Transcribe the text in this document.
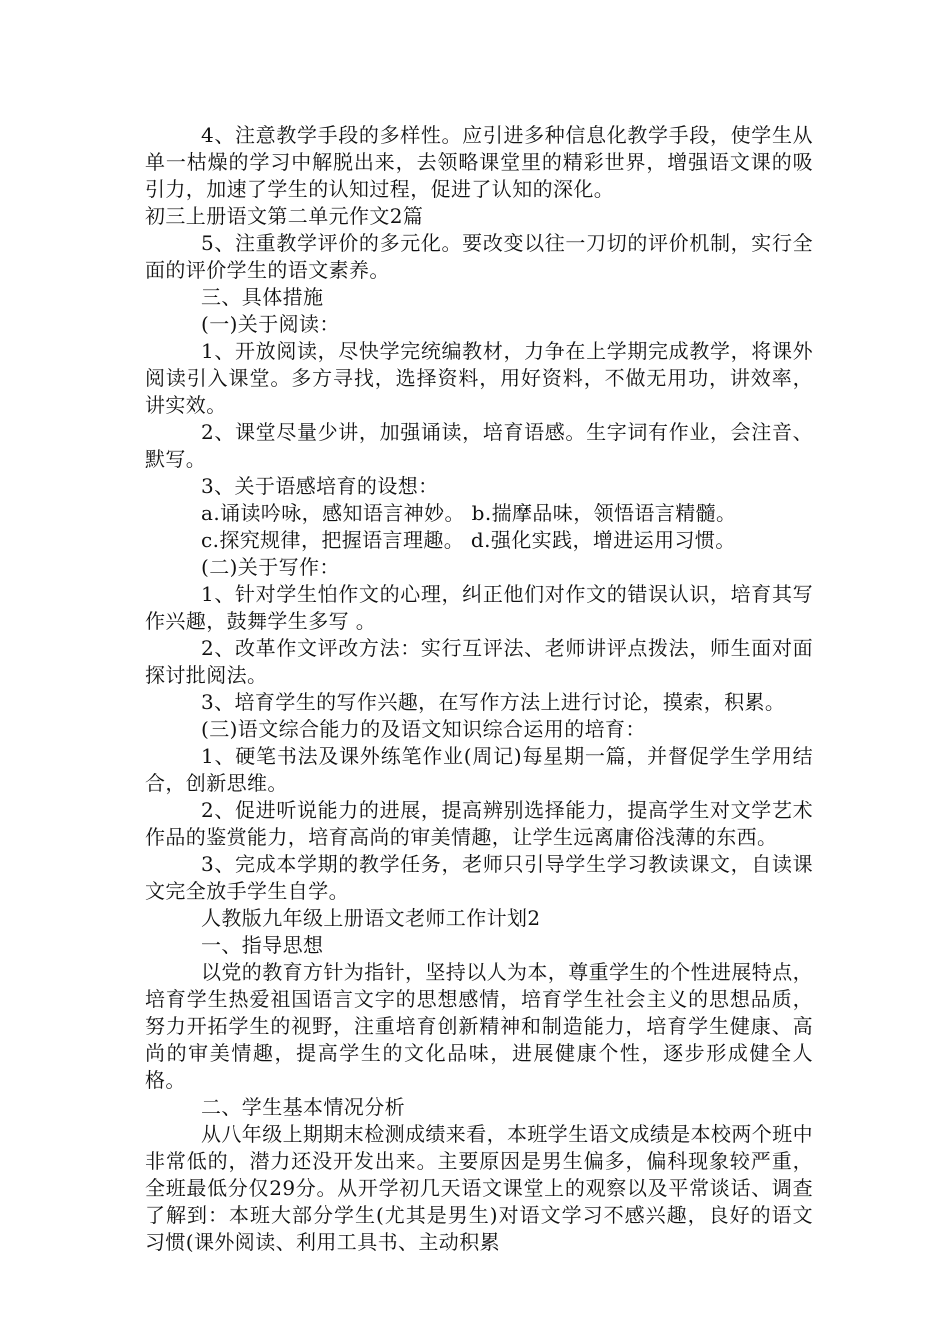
4、注意教学手段的多样性。应引进多种信息化教学手段，使学生从单一枯燥的学习中解脱出来，去领略课堂里的精彩世界，增强语文课的吸引力，加速了学生的认知过程，促进了认知的深化。

初三上册语文第二单元作文2篇

5、注重教学评价的多元化。要改变以往一刀切的评价机制，实行全面的评价学生的语文素养。

三、具体措施

(一)关于阅读：

1、开放阅读，尽快学完统编教材，力争在上学期完成教学，将课外阅读引入课堂。多方寻找，选择资料，用好资料，不做无用功，讲效率，讲实效。

2、课堂尽量少讲，加强诵读，培育语感。生字词有作业，会注音、默写。

3、关于语感培育的设想：

a.诵读吟咏，感知语言神妙。 b.揣摩品味，领悟语言精髓。

c.探究规律，把握语言理趣。 d.强化实践，增进运用习惯。

(二)关于写作：

1、针对学生怕作文的心理，纠正他们对作文的错误认识，培育其写作兴趣，鼓舞学生多写 。

2、改革作文评改方法：实行互评法、老师讲评点拨法，师生面对面探讨批阅法。

3、培育学生的写作兴趣，在写作方法上进行讨论，摸索，积累。

(三)语文综合能力的及语文知识综合运用的培育：

1、硬笔书法及课外练笔作业(周记)每星期一篇，并督促学生学用结合，创新思维。

2、促进听说能力的进展，提高辨别选择能力，提高学生对文学艺术作品的鉴赏能力，培育高尚的审美情趣，让学生远离庸俗浅薄的东西。

3、完成本学期的教学任务，老师只引导学生学习教读课文，自读课文完全放手学生自学。

人教版九年级上册语文老师工作计划2

一、指导思想

以党的教育方针为指针，坚持以人为本，尊重学生的个性进展特点，培育学生热爱祖国语言文字的思想感情，培育学生社会主义的思想品质，努力开拓学生的视野，注重培育创新精神和制造能力，培育学生健康、高尚的审美情趣，提高学生的文化品味，进展健康个性，逐步形成健全人格。

二、学生基本情况分析

从八年级上期期末检测成绩来看，本班学生语文成绩是本校两个班中非常低的，潜力还没开发出来。主要原因是男生偏多，偏科现象较严重，全班最低分仅29分。从开学初几天语文课堂上的观察以及平常谈话、调查了解到：本班大部分学生(尤其是男生)对语文学习不感兴趣，良好的语文习惯(课外阅读、利用工具书、主动积累
